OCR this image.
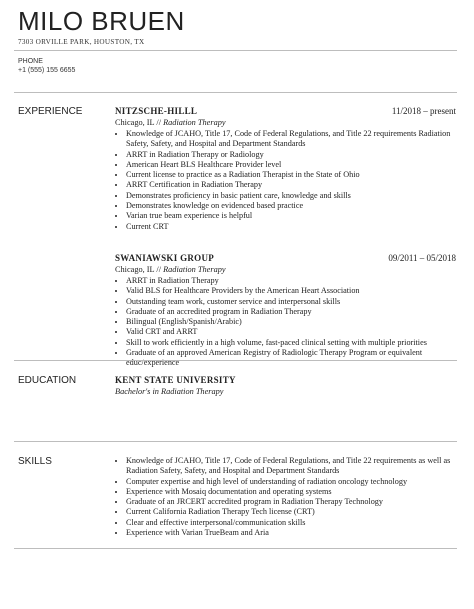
MILO BRUEN
7303 ORVILLE PARK, HOUSTON, TX
PHONE
+1 (555) 155 6655
EXPERIENCE	NITZSCHE-HILLL	11/2018 – present
Chicago, IL // Radiation Therapy
• Knowledge of JCAHO, Title 17, Code of Federal Regulations, and Title 22 requirements Radiation Safety, Safety, and Hospital and Department Standards
• ARRT in Radiation Therapy or Radiology
• American Heart BLS Healthcare Provider level
• Current license to practice as a Radiation Therapist in the State of Ohio
• ARRT Certification in Radiation Therapy
• Demonstrates proficiency in basic patient care, knowledge and skills
• Demonstrates knowledge on evidenced based practice
• Varian true beam experience is helpful
• Current CRT
SWANIAWSKI GROUP	09/2011 – 05/2018
Chicago, IL // Radiation Therapy
• ARRT in Radiation Therapy
• Valid BLS for Healthcare Providers by the American Heart Association
• Outstanding team work, customer service and interpersonal skills
• Graduate of an accredited program in Radiation Therapy
• Bilingual (English/Spanish/Arabic)
• Valid CRT and ARRT
• Skill to work efficiently in a high volume, fast-paced clinical setting with multiple priorities
• Graduate of an approved American Registry of Radiologic Therapy Program or equivalent educ/experience
EDUCATION	KENT STATE UNIVERSITY
Bachelor's in Radiation Therapy
SKILLS
•	Knowledge of JCAHO, Title 17, Code of Federal Regulations, and Title 22 requirements as well as Radiation Safety, Safety, and Hospital and Department Standards
• Computer expertise and high level of understanding of radiation oncology technology
• Experience with Mosaiq documentation and operating systems
• Graduate of an JRCERT accredited program in Radiation Therapy Technology
• Current California Radiation Therapy Tech license (CRT)
• Clear and effective interpersonal/communication skills
• Experience with Varian TrueBeam and Aria
